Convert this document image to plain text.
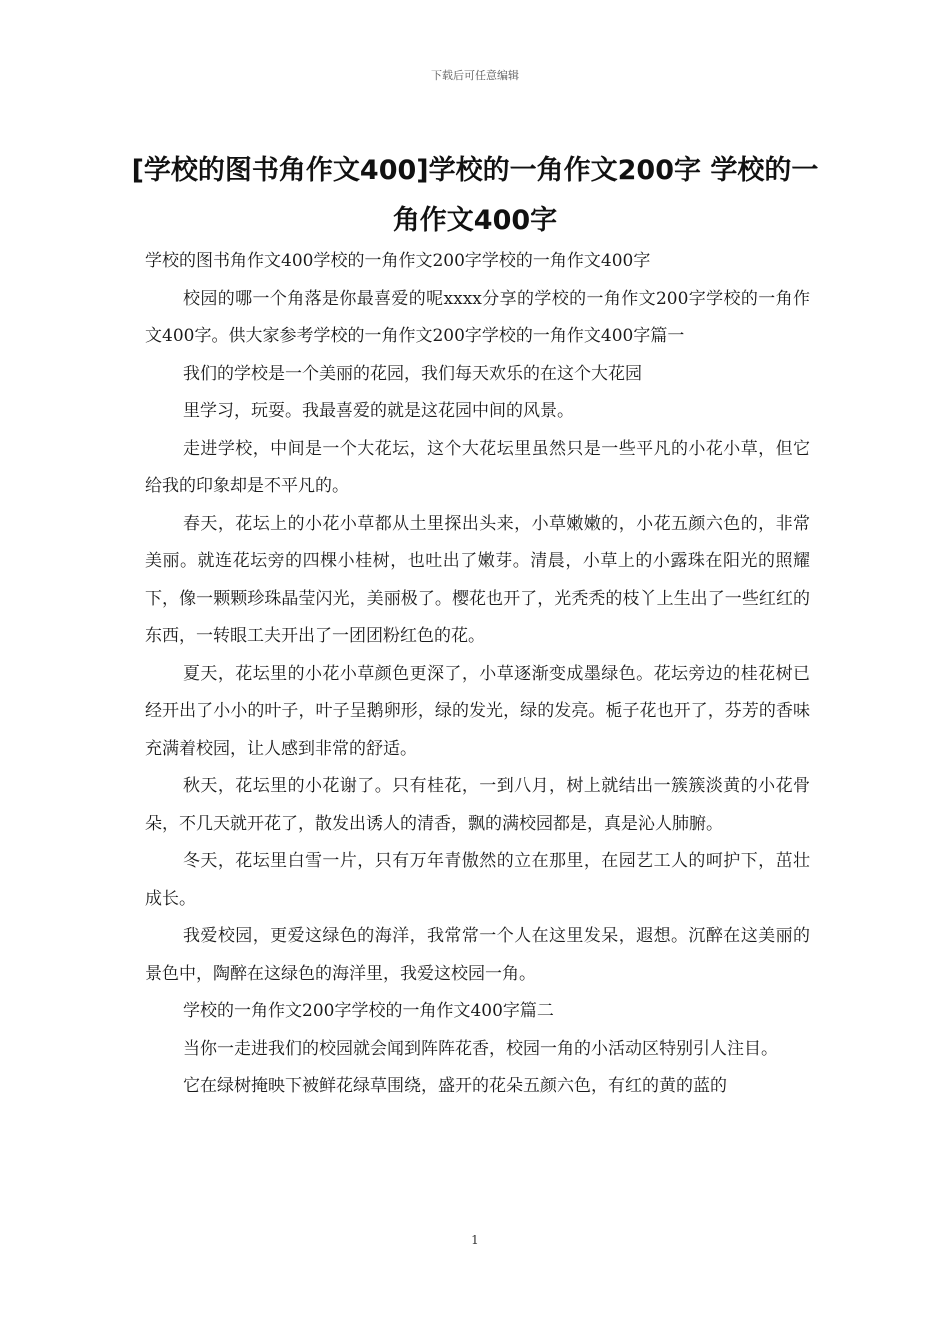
下载后可任意编辑
[学校的图书角作文400]学校的一角作文200字 学校的一角作文400字

学校的图书角作文400学校的一角作文200字学校的一角作文400字

校园的哪一个角落是你最喜爱的呢xxxx分享的学校的一角作文200字学校的一角作文400字。供大家参考学校的一角作文200字学校的一角作文400字篇一

我们的学校是一个美丽的花园，我们每天欢乐的在这个大花园

里学习，玩耍。我最喜爱的就是这花园中间的风景。

走进学校，中间是一个大花坛，这个大花坛里虽然只是一些平凡的小花小草，但它给我的印象却是不平凡的。

春天，花坛上的小花小草都从土里探出头来，小草嫩嫩的，小花五颜六色的，非常美丽。就连花坛旁的四棵小桂树，也吐出了嫩芽。清晨，小草上的小露珠在阳光的照耀下，像一颗颗珍珠晶莹闪光，美丽极了。樱花也开了，光秃秃的枝丫上生出了一些红红的东西，一转眼工夫开出了一团团粉红色的花。

夏天，花坛里的小花小草颜色更深了，小草逐渐变成墨绿色。花坛旁边的桂花树已经开出了小小的叶子，叶子呈鹅卵形，绿的发光，绿的发亮。栀子花也开了，芬芳的香味充满着校园，让人感到非常的舒适。

秋天，花坛里的小花谢了。只有桂花，一到八月，树上就结出一簇簇淡黄的小花骨朵，不几天就开花了，散发出诱人的清香，飘的满校园都是，真是沁人肺腑。

冬天，花坛里白雪一片，只有万年青傲然的立在那里，在园艺工人的呵护下，茁壮成长。

我爱校园，更爱这绿色的海洋，我常常一个人在这里发呆，遐想。沉醉在这美丽的景色中，陶醉在这绿色的海洋里，我爱这校园一角。

学校的一角作文200字学校的一角作文400字篇二

当你一走进我们的校园就会闻到阵阵花香，校园一角的小活动区特别引人注目。

它在绿树掩映下被鲜花绿草围绕，盛开的花朵五颜六色，有红的黄的蓝的

1
